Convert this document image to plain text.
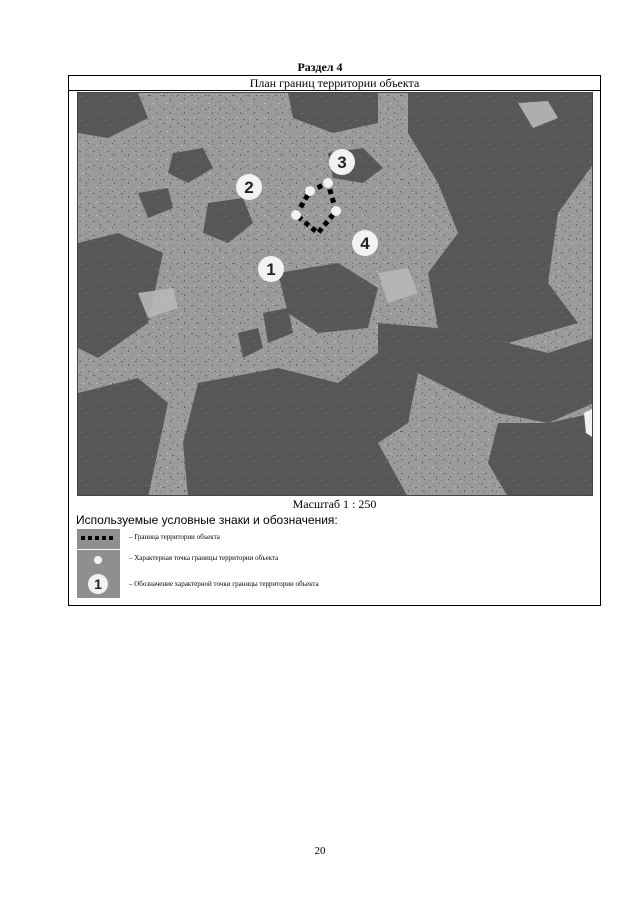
Раздел 4
План границ территории объекта
1
2
3
4
Масштаб 1 : 250
Используемые условные знаки и обозначения:
– Граница территории объекта
– Характерная точка границы территории объекта
1	– Обозначение характерной точки границы территории объекта
20
